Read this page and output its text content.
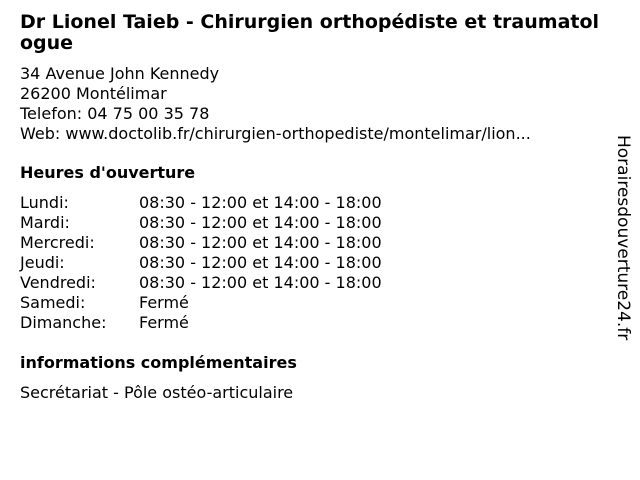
Dr Lionel Taieb - Chirurgien orthopédiste et traumatologue
34 Avenue John Kennedy
26200 Montélimar
Telefon: 04 75 00 35 78
Web: www.doctolib.fr/chirurgien-orthopediste/montelimar/lion...
Heures d'ouverture
Lundi:	08:30 - 12:00 et 14:00 - 18:00
Mardi:	08:30 - 12:00 et 14:00 - 18:00
Mercredi:	08:30 - 12:00 et 14:00 - 18:00
Jeudi:	08:30 - 12:00 et 14:00 - 18:00
Vendredi:	08:30 - 12:00 et 14:00 - 18:00
Samedi:	Fermé
Dimanche:	Fermé
informations complémentaires
Secrétariat - Pôle ostéo-articulaire
Horairesdouverture24.fr
